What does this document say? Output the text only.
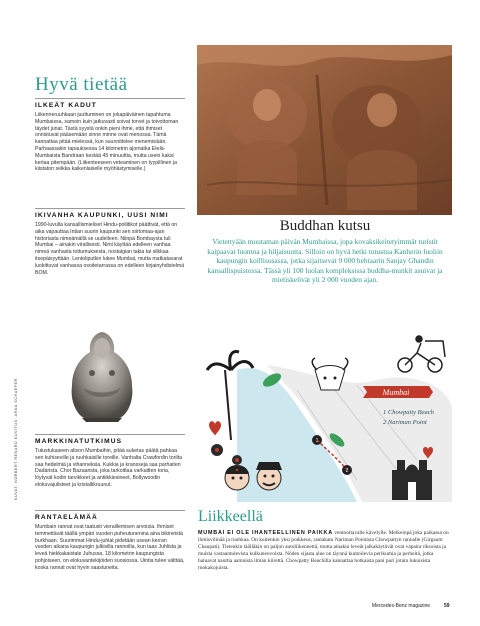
Hyvä tietää
ILKEÄT KADUT
Liikenneruuhkaan juuttuminen on jokapäiväinen tapahtuma Mumbaissa, samoin kuin jatkuvasti soivat torvet ja toivottoman täydet junat. Tästä syystä onkin pieni ihme, että ihmiset onnistuvat pääsemään sinne minne ovat menossa. Tämä kannattaa pitää mielessä, kun suunnittelee menemisiään. Parhaassakin tapauksessa 14 kilometrin ajomatka Etelä-Mumbaista Bandraan kestää 45 minuuttia, mutta usein kaksi kertaa pitempään. (Liikenteeseen veteaminen on tyypillinen ja kiistaton seikka kaikenlaiselle myöhästymiselle.)
IKIVANHA KAUPUNKI, UUSI NIMI
1990-luvulla kansallismieliset Hindu-poliitikot päättivät, että on aika vapauttaa Intian suurin kaupunki sen siirtomaa-ajan historiasta nimeämällä se uudelleen. Niinpä Bombaysta tuli Mumbai – ainakin virallisesti. Nimi käyttää edelleen vanhaa nimeä vanhasta tottumuksesta, nostalgian takia tai silkkaa itsepäisyyttään. Lentoliputkin lukee Mumbai, mutta matkatavarat luokittuvat vanhassa osoitetarrassa on edelleen kirjainyhdistelmä BOM.
MARKKINATUTKIMUS
Tutustukaseen alison Mumbaihin, pitää suketas päätä pahkaa sen kuhiseville ja ruuhkaisille toreille. Vanhalta Crawfordin torilta saa hedelmiä ja vihanneksia. Kukkia ja kransseja saa parhaiten Dadarista. Chor Bazaarista, joka tarkoittaa varkaitten toria, löytyvät kodin tarvikkeet ja antiikkiesineet, Bollywoodin elokuvajulisteet ja kristallikruunut.
RANTAELÄMÄÄ
Mumbain rannat ovat taatusti vieraillemisen arvoisia. Ihmiset temmettävät täällä ympäri vuoden puheutunenina aina bikineistä burkhaan. Suurimmat Hindu-juhlat pidetään usean kerran vuoden aikana kaupungin julkisilla rannoilla, kun taas Juhlista ja leveä hiekkakaistale Juhussa, 18 kilometrin kaupungista pohjoiseen, on elokuvantekijöiden suosiossa. Uintia tulee välttää, koska rannat ovat hyvin saastuneita.
KUVAT: NORBERT RENARD KUVITUS: ARNA SCHAEFER
Buddhan kutsu
Vietettyään muutaman päivän Mumbaissa, jopa kovaksikeitetyimmät turistit kaipaavat luontoa ja hiljaisuutta. Silloin on hyvä hetki tutustua Kanherin luoliin kaupungin koillisosassa, jotka sijaitsevat 9 000 hehtaarin Sanjay Ghandin kansallispuistossa. Tässä yli 100 luolan kompleksissa buddha-munkit asuivat ja mietiskelivät yli 2 000 vuoden ajan.
Mumbai
1 Chowpatty Beach
2 Nariman Point
1
2
Liikkeellä
MUMBAI EI OLE IHANTEELLINEN PAIKKA ventoottavalle kävelylle. Melkeinpä joka paikassa on ihmisvilinää ja ruuhkaa. On kuitenkin yksi poikkeus, rantakatu Nariman Pointista Chowpattyn rannalle (Girgaum Chaupati). Tietenkin täälläkin on paljon autoliikennettä, mutta ainakin leveät jalkakäytävät ovat vapaita riksoista ja muista vastaantulevista kulkuneuvoista. Nöden sijasta alue on täynnä kuntoilevia perikumia ja perheitä, jotka haluavat nauttia aamuista ilman kiirettä. Chowpatty Beachilla kannattaa hotkaista pani puri jotain lukuisista ruokakojuista.
Mercedes-Benz magazine	59
